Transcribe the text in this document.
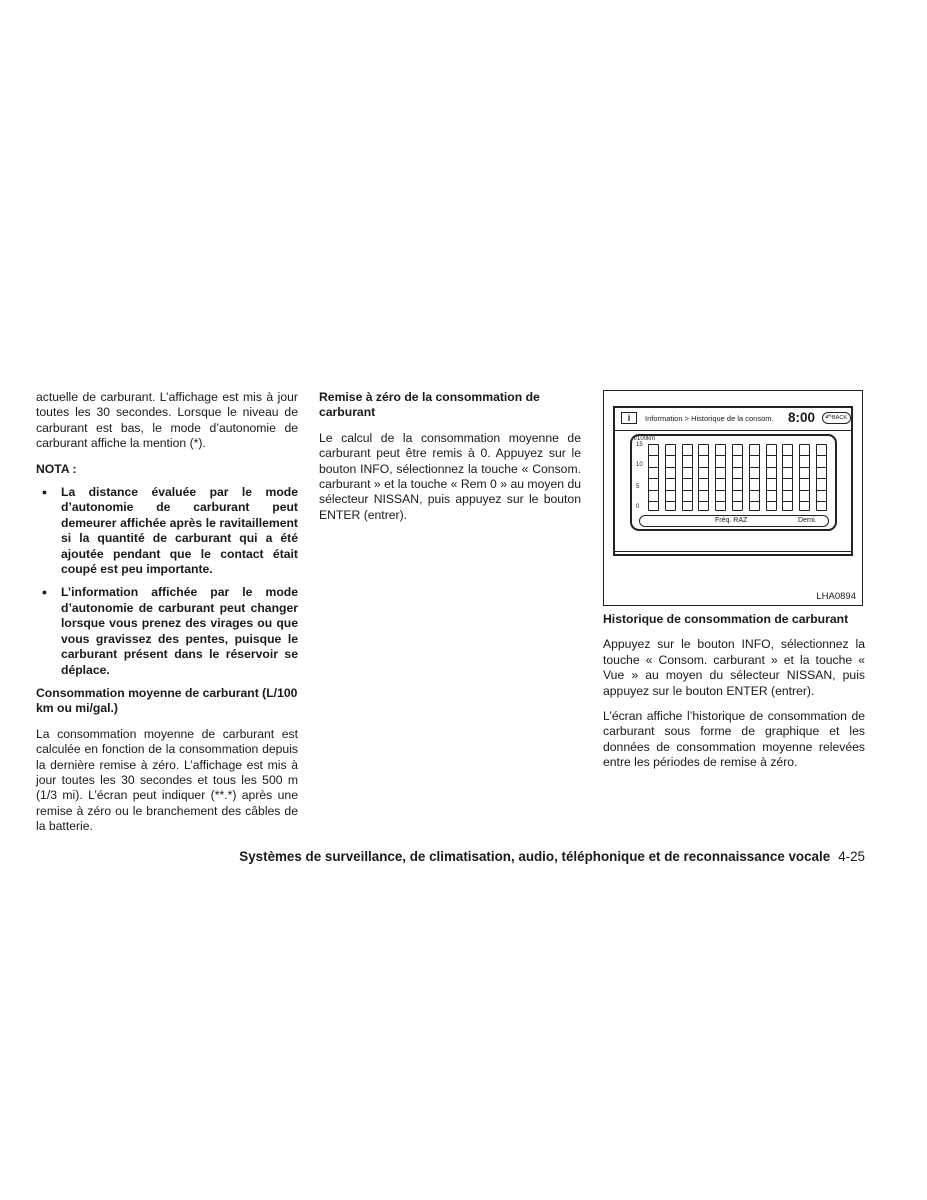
actuelle de carburant. L’affichage est mis à jour toutes les 30 secondes. Lorsque le niveau de carburant est bas, le mode d’autonomie de carburant affiche la mention (*).

NOTA :

• La distance évaluée par le mode d’autonomie de carburant peut demeurer affichée après le ravitaillement si la quantité de carburant qui a été ajoutée pendant que le contact était coupé est peu importante.
• L’information affichée par le mode d’autonomie de carburant peut changer lorsque vous prenez des virages ou que vous gravissez des pentes, puisque le carburant présent dans le réservoir se déplace.
Consommation moyenne de carburant (L/100 km ou mi/gal.)

La consommation moyenne de carburant est calculée en fonction de la consommation depuis la dernière remise à zéro. L’affichage est mis à jour toutes les 30 secondes et tous les 500 m (1/3 mi). L’écran peut indiquer (**.*) après une remise à zéro ou le branchement des câbles de la batterie.

Remise à zéro de la consommation de carburant

Le calcul de la consommation moyenne de carburant peut être remis à 0. Appuyez sur le bouton INFO, sélectionnez la touche « Consom. carburant » et la touche « Rem 0 » au moyen du sélecteur NISSAN, puis appuyez sur le bouton ENTER (entrer).

i	Information > Historique de la consom. 8:00 ↶ BACK
l/100km
15
10
5
0
Fréq. RAZ	Derni.
LHA0894
Historique de consommation de carburant

Appuyez sur le bouton INFO, sélectionnez la touche « Consom. carburant » et la touche « Vue » au moyen du sélecteur NISSAN, puis appuyez sur le bouton ENTER (entrer).

L’écran affiche l’historique de consommation de carburant sous forme de graphique et les données de consommation moyenne relevées entre les périodes de remise à zéro.

Systèmes de surveillance, de climatisation, audio, téléphonique et de reconnaissance vocale 4-25
